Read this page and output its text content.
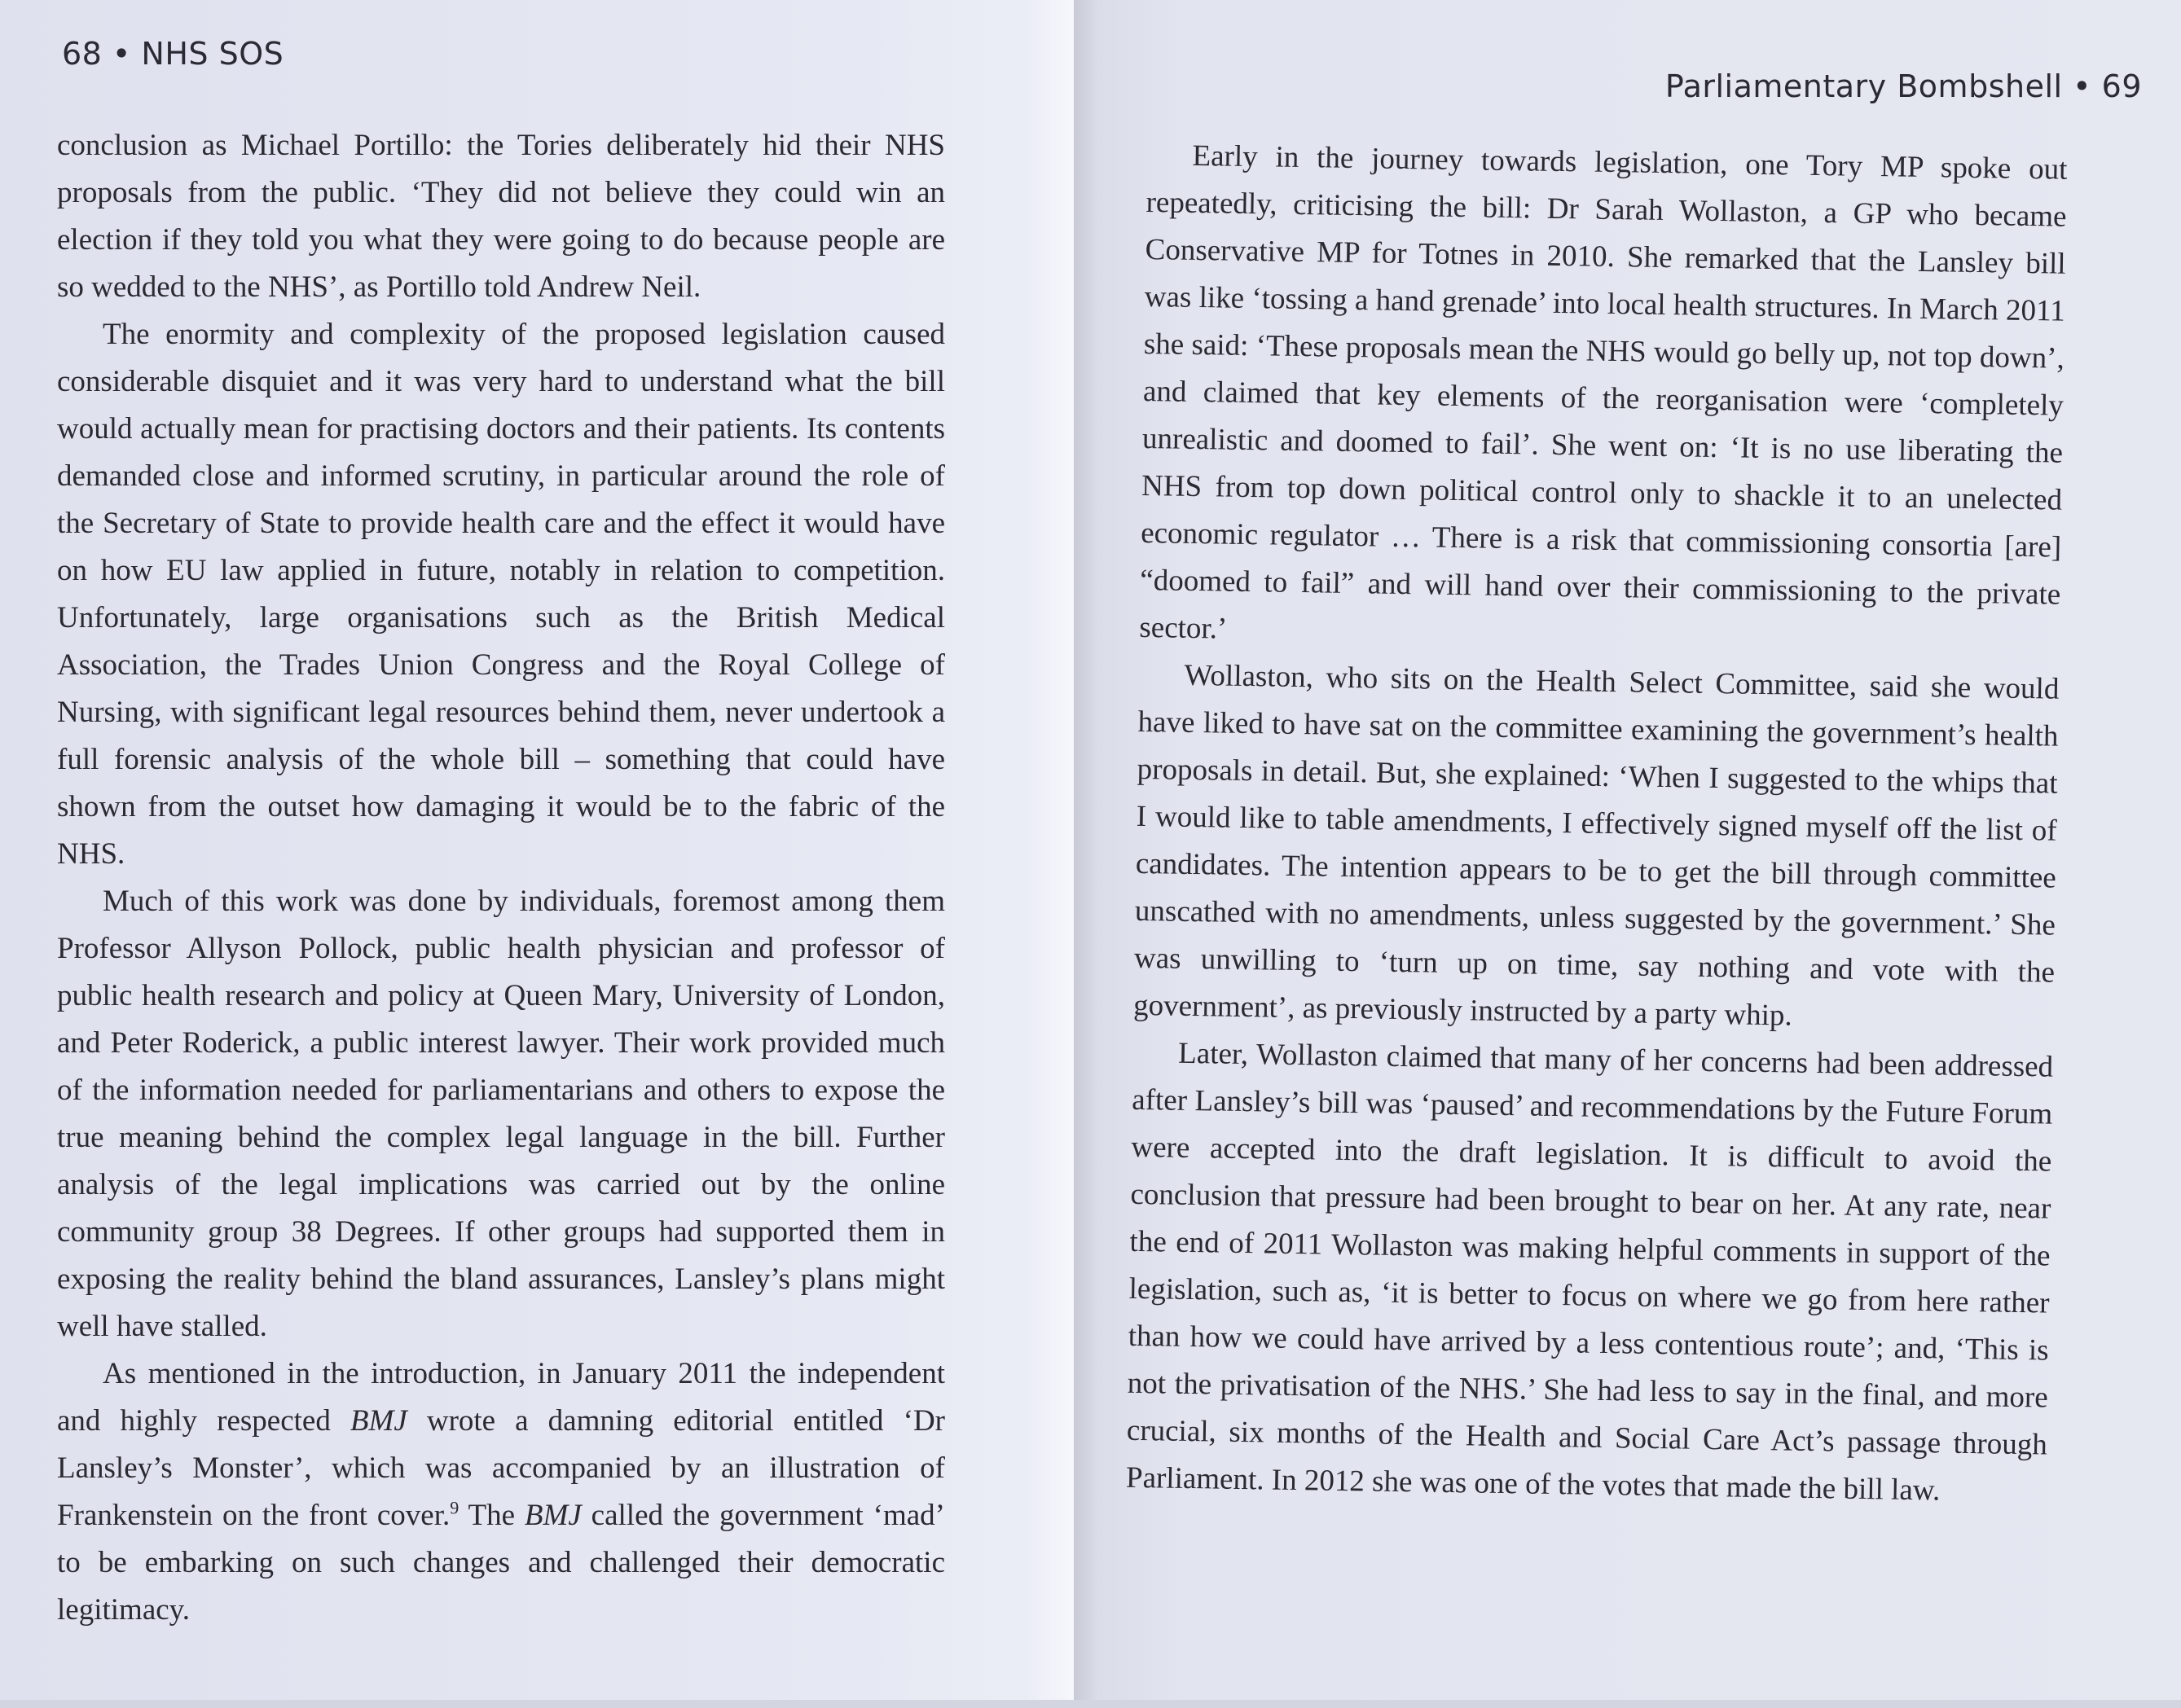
68 • NHS SOS

conclusion as Michael Portillo: the Tories deliberately hid their NHS proposals from the public. ‘They did not believe they could win an election if they told you what they were going to do because people are so wedded to the NHS’, as Portillo told Andrew Neil.

The enormity and complexity of the proposed legislation caused considerable disquiet and it was very hard to understand what the bill would actually mean for practising doctors and their patients. Its contents demanded close and informed scrutiny, in particular around the role of the Secretary of State to provide health care and the effect it would have on how EU law applied in future, notably in relation to competition. Unfortunately, large organisations such as the British Medical Association, the Trades Union Congress and the Royal College of Nursing, with significant legal resources behind them, never undertook a full forensic analysis of the whole bill – something that could have shown from the outset how damaging it would be to the fabric of the NHS.

Much of this work was done by individuals, foremost among them Professor Allyson Pollock, public health physician and professor of public health research and policy at Queen Mary, University of London, and Peter Roderick, a public interest lawyer. Their work provided much of the information needed for parliamentarians and others to expose the true meaning behind the complex legal language in the bill. Further analysis of the legal implications was carried out by the online community group 38 Degrees. If other groups had supported them in exposing the reality behind the bland assurances, Lansley’s plans might well have stalled.

As mentioned in the introduction, in January 2011 the independent and highly respected BMJ wrote a damning editorial entitled ‘Dr Lansley’s Monster’, which was accompanied by an illustration of Frankenstein on the front cover.$^9$ The BMJ called the government ‘mad’ to be embarking on such changes and challenged their democratic legitimacy.

Parliamentary Bombshell • 69

Early in the journey towards legislation, one Tory MP spoke out repeatedly, criticising the bill: Dr Sarah Wollaston, a GP who became Conservative MP for Totnes in 2010. She remarked that the Lansley bill was like ‘tossing a hand grenade’ into local health structures. In March 2011 she said: ‘These proposals mean the NHS would go belly up, not top down’, and claimed that key elements of the reorganisation were ‘completely unrealistic and doomed to fail’. She went on: ‘It is no use liberating the NHS from top down political control only to shackle it to an unelected economic regulator … There is a risk that commissioning consortia [are] “doomed to fail” and will hand over their commissioning to the private sector.’

Wollaston, who sits on the Health Select Committee, said she would have liked to have sat on the committee examining the government’s health proposals in detail. But, she explained: ‘When I suggested to the whips that I would like to table amendments, I effectively signed myself off the list of candidates. The intention appears to be to get the bill through committee unscathed with no amendments, unless suggested by the government.’ She was unwilling to ‘turn up on time, say nothing and vote with the government’, as previously instructed by a party whip.

Later, Wollaston claimed that many of her concerns had been addressed after Lansley’s bill was ‘paused’ and recommendations by the Future Forum were accepted into the draft legislation. It is difficult to avoid the conclusion that pressure had been brought to bear on her. At any rate, near the end of 2011 Wollaston was making helpful comments in support of the legislation, such as, ‘it is better to focus on where we go from here rather than how we could have arrived by a less contentious route’; and, ‘This is not the privatisation of the NHS.’ She had less to say in the final, and more crucial, six months of the Health and Social Care Act’s passage through Parliament. In 2012 she was one of the votes that made the bill law.
